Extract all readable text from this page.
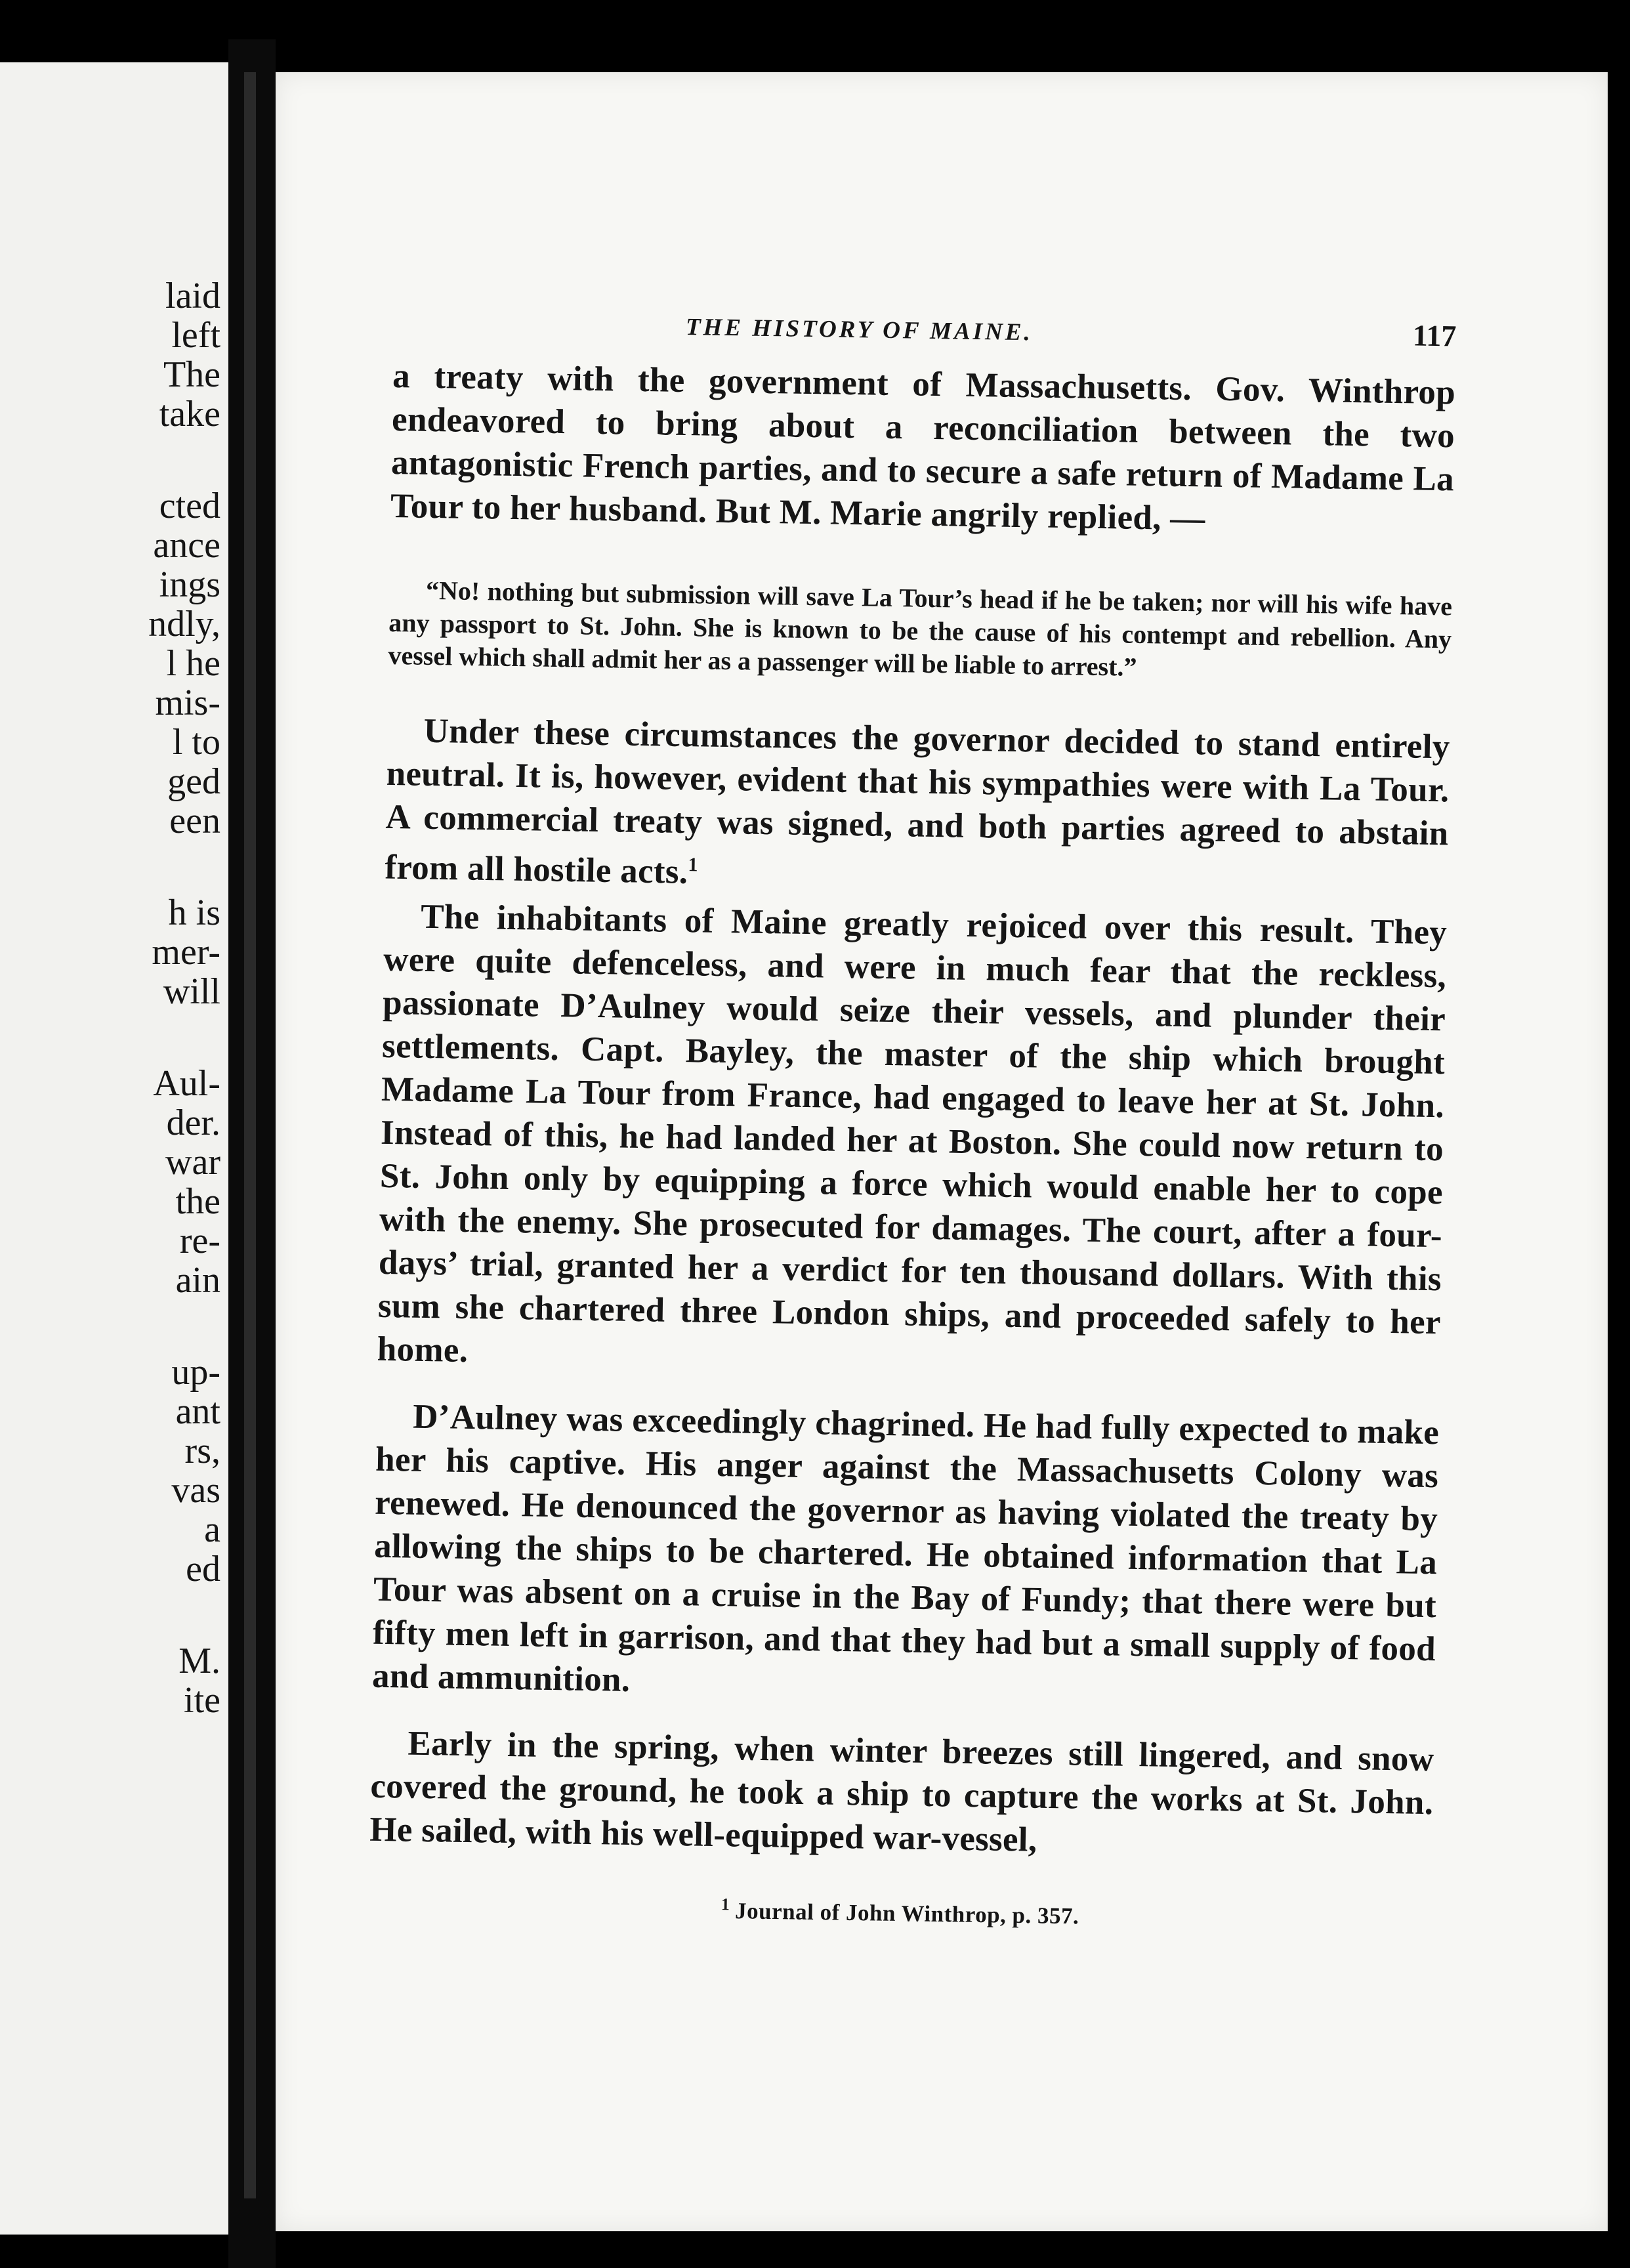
laid
left
The
take
cted
ance
ings
ndly,
l he
mis-
l to
ged
een
h is
mer-
will
Aul-
der.
war
the
re-
ain
up-
ant
rs,
vas
a
ed
M.
ite
THE HISTORY OF MAINE.	117

a treaty with the government of Massachusetts. Gov. Winthrop endeavored to bring about a reconciliation between the two antagonistic French parties, and to secure a safe return of Madame La Tour to her husband. But M. Marie angrily replied, —

“No! nothing but submission will save La Tour’s head if he be taken; nor will his wife have any passport to St. John. She is known to be the cause of his contempt and rebellion. Any vessel which shall admit her as a passenger will be liable to arrest.”

Under these circumstances the governor decided to stand entirely neutral. It is, however, evident that his sympathies were with La Tour. A commercial treaty was signed, and both parties agreed to abstain from all hostile acts.$^1$

The inhabitants of Maine greatly rejoiced over this result. They were quite defenceless, and were in much fear that the reckless, passionate D’Aulney would seize their vessels, and plunder their settlements. Capt. Bayley, the master of the ship which brought Madame La Tour from France, had engaged to leave her at St. John. Instead of this, he had landed her at Boston. She could now return to St. John only by equipping a force which would enable her to cope with the enemy. She prosecuted for damages. The court, after a four-days’ trial, granted her a verdict for ten thousand dollars. With this sum she chartered three London ships, and proceeded safely to her home.

D’Aulney was exceedingly chagrined. He had fully expected to make her his captive. His anger against the Massachusetts Colony was renewed. He denounced the governor as having violated the treaty by allowing the ships to be chartered. He obtained information that La Tour was absent on a cruise in the Bay of Fundy; that there were but fifty men left in garrison, and that they had but a small supply of food and ammunition.

Early in the spring, when winter breezes still lingered, and snow covered the ground, he took a ship to capture the works at St. John. He sailed, with his well-equipped war-vessel,

$^1$ Journal of John Winthrop, p. 357.
